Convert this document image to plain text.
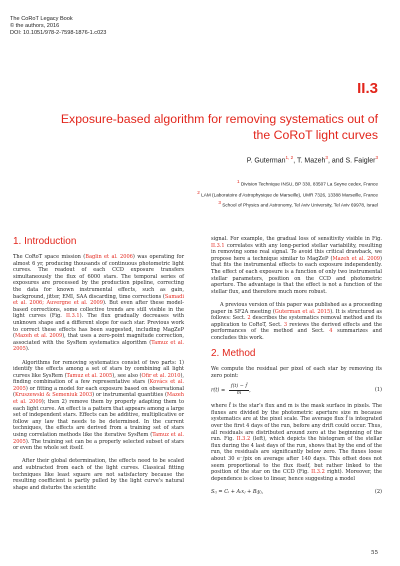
The CoRoT Legacy Book
© the authors, 2016
DOI: 10.1051/978-2-7598-1876-1.c023
II.3
Exposure-based algorithm for removing systematics out of the CoRoT light curves
P. Guterman$^{1, 2}$, T. Mazeh$^3$, and S. Faigler$^3$
$^1$ Division Technique INSU, BP 330, 83507 La Seyne cedex, France
$^2$ LAM (Laboratoire d’Astrophysique de Marseille), UMR 7326, 13388 Marseille, France
$^3$ School of Physics and Astronomy, Tel Aviv University, Tel Aviv 69978, Israel
1. Introduction

The CoRoT space mission (Baglin et al. 2006) was operating for almost 6 yr, producing thousands of continuous photometric light curves. The readout of each CCD exposure transfers simultaneously the flux of 6000 stars. The temporal series of exposures are processed by the production pipeline, correcting the data for known instrumental effects, such as gain, background, jitter, EMI, SAA discarding, time corrections (Samadi et al. 2006; Auvergne et al. 2009). But even after these model-based corrections, some collective trends are still visible in the light curves (Fig. II.3.1). The flux gradually decreases with unknown shape and a different slope for each star. Previous work to correct these effects has been suggested, including MagZeP (Mazeh et al. 2009), that uses a zero-point magnitude correction, associated with the SysRem systematics algorithm (Tamuz et al. 2005).

Algorithms for removing systematics consist of two parts: 1) identify the effects among a set of stars by combining all light curves like SysRem (Tamuz et al. 2005), see also (Ofir et al. 2010), finding combination of a few representative stars (Kovács et al. 2005) or fitting a model for each exposure based on observational (Kruszewski & Semeniuk 2003) or instrumental quantities (Mazeh et al. 2009); then 2) remove them by properly adapting them to each light curve. An effect is a pattern that appears among a large set of independent stars. Effects can be additive, multiplicative or follow any law that needs to be determined. In the current techniques, the effects are derived from a training set of stars using correlation methods like the iterative SysRem (Tamuz et al. 2005). The training set can be a properly selected subset of stars or even the whole set itself.

After their global determination, the effects need to be scaled and subtracted from each of the light curves. Classical fitting techniques like least square are not satisfactory because the resulting coefficient is partly pulled by the light curve’s natural shape and disturbs the scientific

signal. For example, the gradual loss of sensitivity visible in Fig. II.3.1 correlates with any long-period stellar variability, resulting in removing some real signal. To avoid this critical drawback, we propose here a technique similar to MagZeP (Mazeh et al. 2009) that fits the instrumental effects to each exposure independently. The effect of each exposure is a function of only two instrumental stellar parameters, position on the CCD and photometric aperture. The advantage is that the effect is not a function of the stellar flux, and therefore much more robust.

A previous version of this paper was published as a proceeding paper in SF2A meeting (Guterman et al. 2015). It is structured as follows: Sect. 2 describes the systematics removal method and its application to CoRoT, Sect. 3 reviews the derived effects and the performances of the method and Sect. 4 summarizes and concludes this work.

2. Method

We compute the residual per pixel of each star by removing its zero point:

$r(t) = \frac{f(t) - f̄}{m}$ ,	(1)

where f̄ is the star’s flux and m is the mask surface in pixels. The fluxes are divided by the photometric aperture size m because systematics are at the pixel scale. The average flux f̄ is integrated over the first 4 days of the run, before any drift could occur. Thus, all residuals are distributed around zero at the beginning of the run. Fig. II.3.2 (left), which depicts the histogram of the stellar flux during the 4 last days of the run, shows that by the end of the run, the residuals are significantly below zero. The fluxes loose about 30 e⁻/pix on average after 140 days. This offset does not seem proportional to the flux itself, but rather linked to the position of the star on the CCD (Fig. II.3.2 right). Moreover, the dependence is close to linear, hence suggesting a model

Sᵢⱼ = Cᵢ + Aᵢxⱼ + Bᵢyⱼ,	(2)
55
